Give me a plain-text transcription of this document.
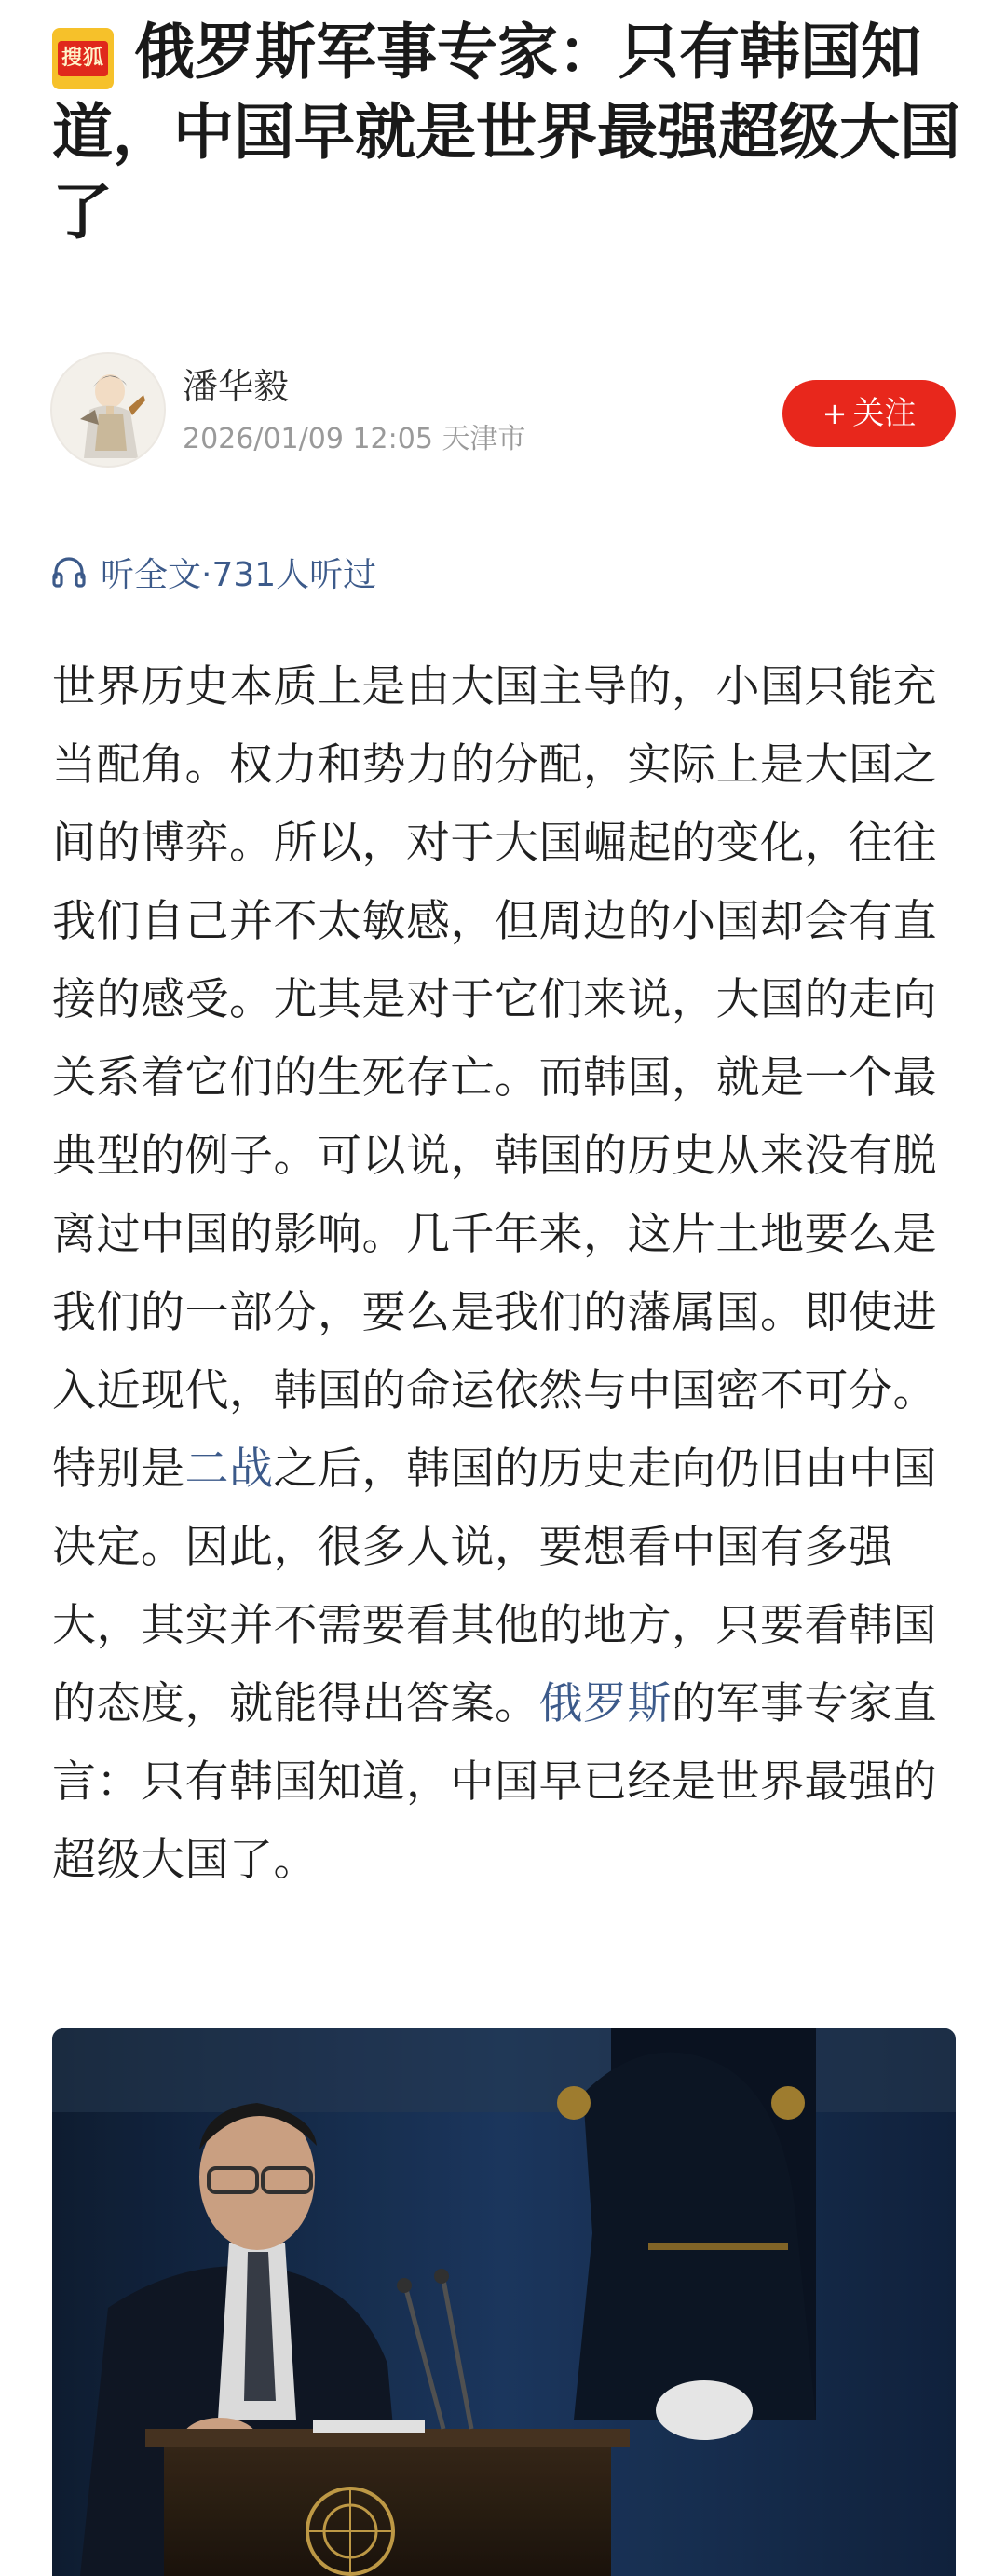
搜狐 俄罗斯军事专家：只有韩国知道，中国早就是世界最强超级大国了
潘华毅
2026/01/09 12:05 天津市
+ 关注
听全文·731人听过

世界历史本质上是由大国主导的，小国只能充当配角。权力和势力的分配，实际上是大国之间的博弈。所以，对于大国崛起的变化，往往我们自己并不太敏感，但周边的小国却会有直接的感受。尤其是对于它们来说，大国的走向关系着它们的生死存亡。而韩国，就是一个最典型的例子。可以说，韩国的历史从来没有脱离过中国的影响。几千年来，这片土地要么是我们的一部分，要么是我们的藩属国。即使进入近现代，韩国的命运依然与中国密不可分。特别是二战之后，韩国的历史走向仍旧由中国决定。因此，很多人说，要想看中国有多强大，其实并不需要看其他的地方，只要看韩国的态度，就能得出答案。俄罗斯的军事专家直言：只有韩国知道，中国早已经是世界最强的超级大国了。
